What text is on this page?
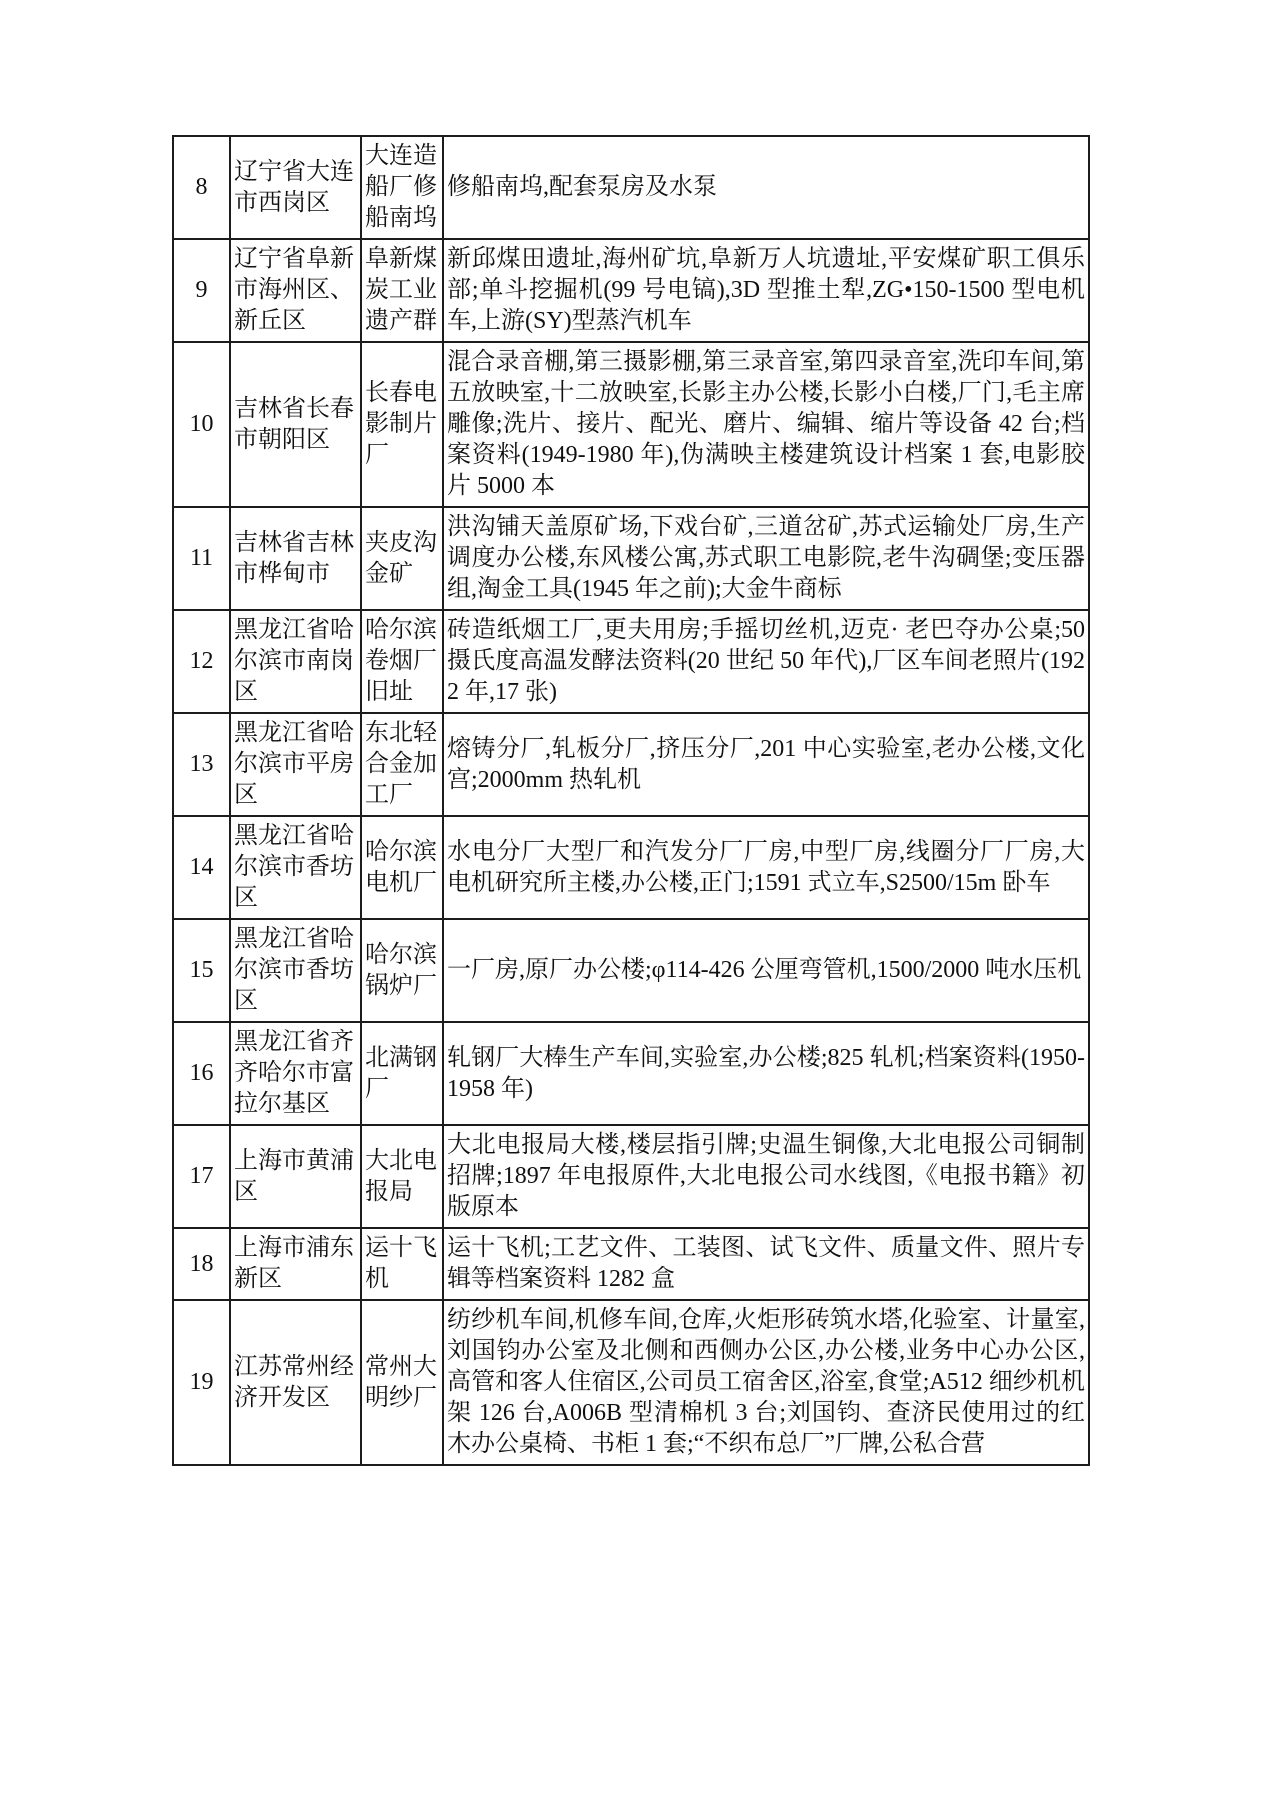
8	辽宁省大连市西岗区	大连造船厂修船南坞	修船南坞,配套泵房及水泵
9	辽宁省阜新市海州区、新丘区	阜新煤炭工业遗产群	新邱煤田遗址,海州矿坑,阜新万人坑遗址,平安煤矿职工俱乐部;单斗挖掘机(99 号电镐),3D 型推土犁,ZG•150-1500 型电机车,上游(SY)型蒸汽机车
10	吉林省长春市朝阳区	长春电影制片厂	混合录音棚,第三摄影棚,第三录音室,第四录音室,洗印车间,第五放映室,十二放映室,长影主办公楼,长影小白楼,厂门,毛主席雕像;洗片、接片、配光、磨片、编辑、缩片等设备 42 台;档案资料(1949-1980 年),伪满映主楼建筑设计档案 1 套,电影胶片 5000 本
11	吉林省吉林市桦甸市	夹皮沟金矿	洪沟铺天盖原矿场,下戏台矿,三道岔矿,苏式运输处厂房,生产调度办公楼,东风楼公寓,苏式职工电影院,老牛沟碉堡;变压器组,淘金工具(1945 年之前);大金牛商标
12	黑龙江省哈尔滨市南岗区	哈尔滨卷烟厂旧址	砖造纸烟工厂,更夫用房;手摇切丝机,迈克· 老巴夺办公桌;50 摄氏度高温发酵法资料(20 世纪 50 年代),厂区车间老照片(1922 年,17 张)
13	黑龙江省哈尔滨市平房区	东北轻合金加工厂	熔铸分厂,轧板分厂,挤压分厂,201 中心实验室,老办公楼,文化宫;2000mm 热轧机
14	黑龙江省哈尔滨市香坊区	哈尔滨电机厂	水电分厂大型厂和汽发分厂厂房,中型厂房,线圈分厂厂房,大电机研究所主楼,办公楼,正门;1591 式立车,S2500/15m 卧车
15	黑龙江省哈尔滨市香坊区	哈尔滨锅炉厂	一厂房,原厂办公楼;φ114-426 公厘弯管机,1500/2000 吨水压机
16	黑龙江省齐齐哈尔市富拉尔基区	北满钢厂	轧钢厂大棒生产车间,实验室,办公楼;825 轧机;档案资料(1950-1958 年)
17	上海市黄浦区	大北电报局	大北电报局大楼,楼层指引牌;史温生铜像,大北电报公司铜制招牌;1897 年电报原件,大北电报公司水线图,《电报书籍》初版原本
18	上海市浦东新区	运十飞机	运十飞机;工艺文件、工装图、试飞文件、质量文件、照片专辑等档案资料 1282 盒
19	江苏常州经济开发区	常州大明纱厂	纺纱机车间,机修车间,仓库,火炬形砖筑水塔,化验室、计量室,刘国钧办公室及北侧和西侧办公区,办公楼,业务中心办公区,高管和客人住宿区,公司员工宿舍区,浴室,食堂;A512 细纱机机架 126 台,A006B 型清棉机 3 台;刘国钧、查济民使用过的红木办公桌椅、书柜 1 套;“不织布总厂”厂牌,公私合营
